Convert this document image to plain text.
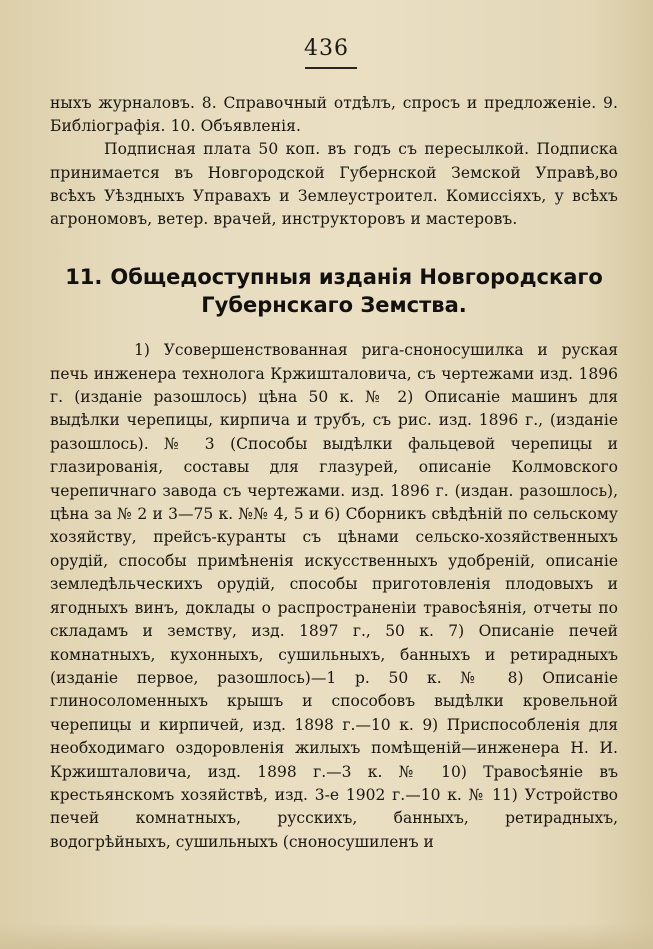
436

ныхъ журналовъ. 8. Справочный отдѣлъ, спросъ и предложеніе. 9. Библіографія. 10. Объявленія.

Подписная плата 50 коп. въ годъ съ пересылкой. Подписка принимается въ Новгородской Губернской Земской Управѣ,во всѣхъ Уѣздныхъ Управахъ и Землеустроител. Комиссіяхъ, у всѣхъ агрономовъ, ветер. врачей, инструкторовъ и мастеровъ.

11. Общедоступныя изданія Новгородскаго Губернскаго Земства.

1) Усовершенствованная рига-сноносушилка и руская печь инженера технолога Кржишталовича, съ чертежами изд. 1896 г. (изданіе разошлось) цѣна 50 к. № 2) Описаніе машинъ для выдѣлки черепицы, кирпича и трубъ, съ рис. изд. 1896 г., (изданіе разошлось). № 3 (Способы выдѣлки фальцевой черепицы и глазированія, составы для глазурей, описаніе Колмовского черепичнаго завода съ чертежами. изд. 1896 г. (издан. разошлось), цѣна за № 2 и 3—75 к. №№ 4, 5 и 6) Сборникъ свѣдѣній по сельскому хозяйству, прейсъ-куранты съ цѣнами сельско-хозяйственныхъ орудій, способы примѣненія искусственныхъ удобреній, описаніе земледѣльческихъ орудій, способы приготовленія плодовыхъ и ягодныхъ винъ, доклады о распространеніи травосѣянія, отчеты по складамъ и земству, изд. 1897 г., 50 к. 7) Описаніе печей комнатныхъ, кухонныхъ, сушильныхъ, банныхъ и ретирадныхъ (изданіе первое, разошлось)—1 р. 50 к. № 8) Описаніе глиносоломенныхъ крышъ и способовъ выдѣлки кровельной черепицы и кирпичей, изд. 1898 г.—10 к. 9) Приспособленія для необходимаго оздоровленія жилыхъ помѣщеній—инженера Н. И. Кржишталовича, изд. 1898 г.—3 к. № 10) Травосѣяніе въ крестьянскомъ хозяйствѣ, изд. 3-е 1902 г.—10 к. № 11) Устройство печей комнатныхъ, русскихъ, банныхъ, ретирадныхъ, водогрѣйныхъ, сушильныхъ (сноносушиленъ и
